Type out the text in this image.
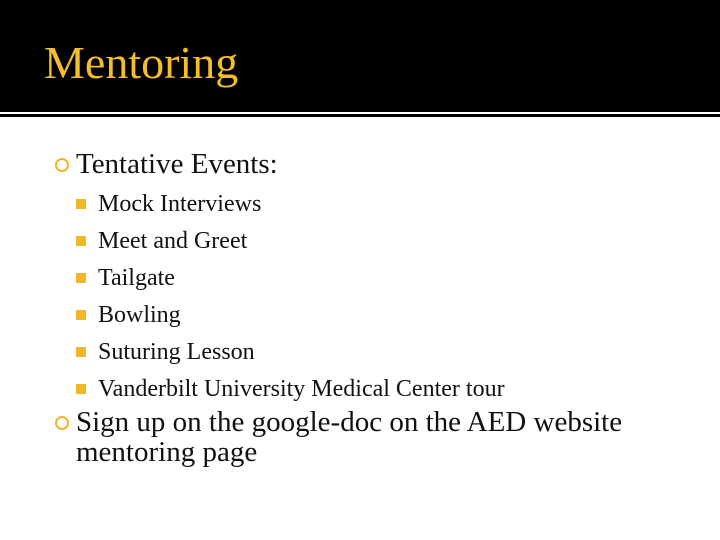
Mentoring
Tentative Events:
Mock Interviews
Meet and Greet
Tailgate
Bowling
Suturing Lesson
Vanderbilt University Medical Center tour
Sign up on the google-doc on the AED website mentoring page
